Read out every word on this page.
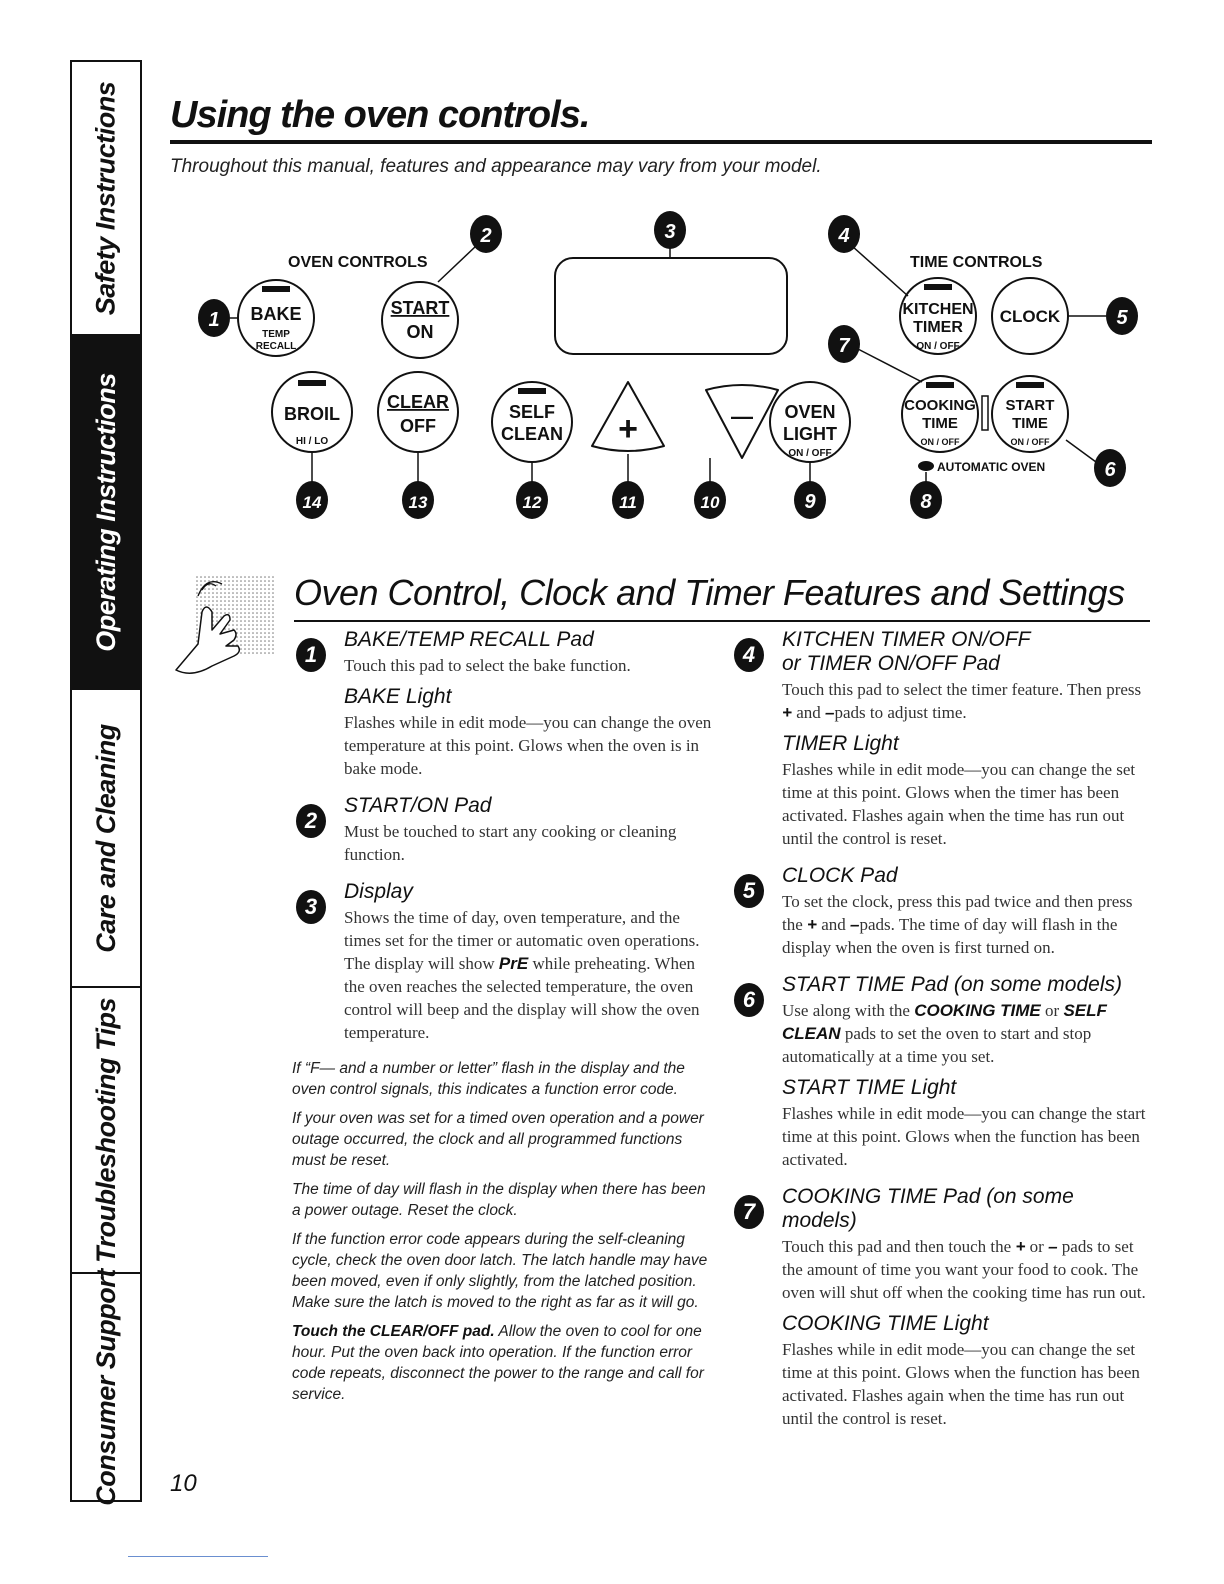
Safety Instructions
Operating Instructions
Care and Cleaning
Troubleshooting Tips
Consumer Support
Using the oven controls.
Throughout this manual, features and appearance may vary from your model.
OVEN CONTROLS	TIME CONTROLS
BAKE
TEMP
RECALL
START
ON
BROIL
HI / LO
CLEAR
OFF
SELF
CLEAN +	— OVEN
LIGHT
ON / OFF
KITCHEN
TIMER
ON / OFF
CLOCK
COOKING
TIME
ON / OFF
START
TIME
ON / OFF
AUTOMATIC OVEN
1
2	3	4
5
6
7
8
9
10
11
12
13
14
Oven Control, Clock and Timer Features and Settings
1
BAKE/TEMP RECALL Pad
Touch this pad to select the bake function.
BAKE Light
Flashes while in edit mode—you can change the oven temperature at this point. Glows when the oven is in bake mode.
2
START/ON Pad
Must be touched to start any cooking or cleaning function.
3
Display
Shows the time of day, oven temperature, and the times set for the timer or automatic oven operations. The display will show PrE while preheating. When the oven reaches the selected temperature, the oven control will beep and the display will show the oven temperature.
If “F— and a number or letter” flash in the display and the oven control signals, this indicates a function error code.
If your oven was set for a timed oven operation and a power outage occurred, the clock and all programmed functions must be reset.
The time of day will flash in the display when there has been a power outage. Reset the clock.
If the function error code appears during the self-cleaning cycle, check the oven door latch. The latch handle may have been moved, even if only slightly, from the latched position. Make sure the latch is moved to the right as far as it will go.
Touch the CLEAR/OFF pad. Allow the oven to cool for one hour. Put the oven back into operation. If the function error code repeats, disconnect the power to the range and call for service.
4
KITCHEN TIMER ON/OFF
or TIMER ON/OFF Pad
Touch this pad to select the timer feature. Then press + and –pads to adjust time.
TIMER Light
Flashes while in edit mode—you can change the set time at this point. Glows when the timer has been activated. Flashes again when the time has run out until the control is reset.
5
CLOCK Pad
To set the clock, press this pad twice and then press the + and –pads. The time of day will flash in the display when the oven is first turned on.
6
START TIME Pad (on some models)
Use along with the COOKING TIME or SELF CLEAN pads to set the oven to start and stop automatically at a time you set.
START TIME Light
Flashes while in edit mode—you can change the start time at this point. Glows when the function has been activated.
7
COOKING TIME Pad (on some models)
Touch this pad and then touch the + or – pads to set the amount of time you want your food to cook. The oven will shut off when the cooking time has run out.
COOKING TIME Light
Flashes while in edit mode—you can change the set time at this point. Glows when the function has been activated. Flashes again when the time has run out until the control is reset.
10
